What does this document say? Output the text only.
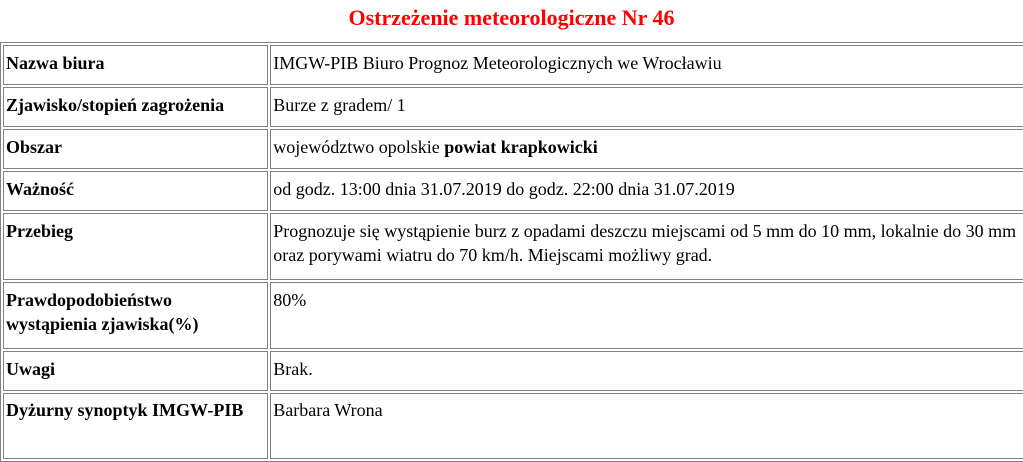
Ostrzeżenie meteorologiczne Nr 46
Nazwa biura	IMGW-PIB Biuro Prognoz Meteorologicznych we Wrocławiu
Zjawisko/stopień zagrożenia	Burze z gradem/ 1
Obszar	województwo opolskie powiat krapkowicki
Ważność	od godz. 13:00 dnia 31.07.2019 do godz. 22:00 dnia 31.07.2019
Przebieg	Prognozuje się wystąpienie burz z opadami deszczu miejscami od 5 mm do 10 mm, lokalnie do 30 mm oraz porywami wiatru do 70 km/h. Miejscami możliwy grad.
Prawdopodobieństwo wystąpienia zjawiska(%)	80%
Uwagi	Brak.
Dyżurny synoptyk IMGW-PIB	Barbara Wrona
